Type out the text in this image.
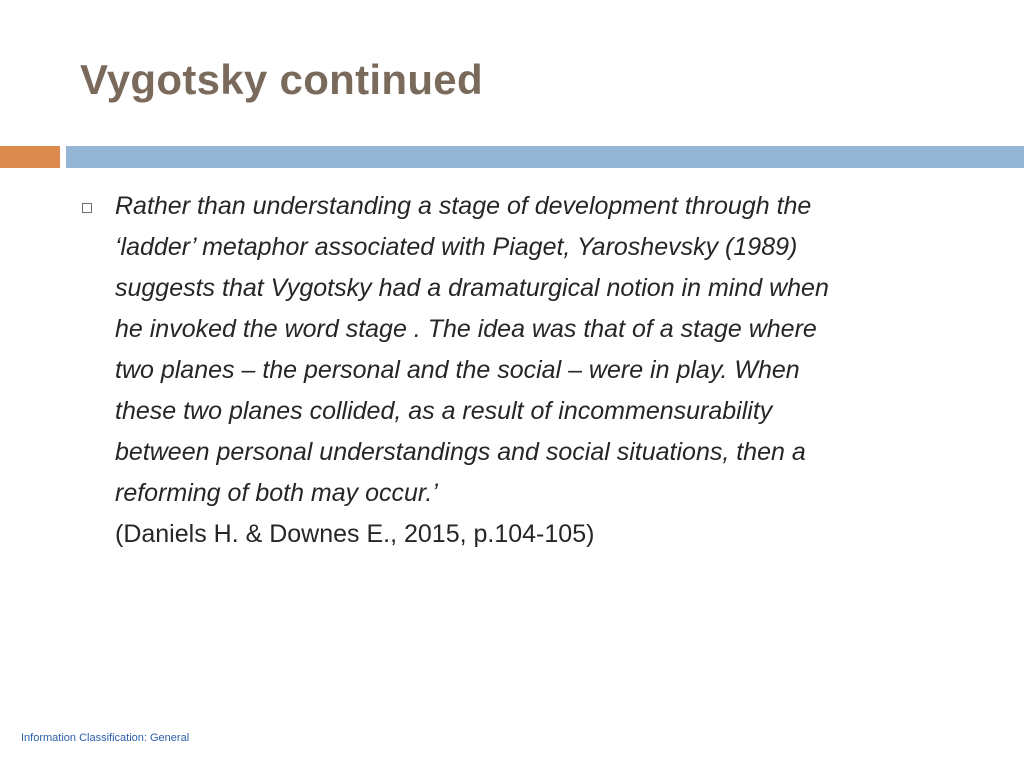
Vygotsky continued
Rather than understanding a stage of development through the
‘ladder’ metaphor associated with Piaget, Yaroshevsky (1989)
suggests that Vygotsky had a dramaturgical notion in mind when
he invoked the word stage . The idea was that of a stage where
two planes – the personal and the social – were in play. When
these two planes collided, as a result of incommensurability
between personal understandings and social situations, then a
reforming of both may occur.’
(Daniels H. & Downes E., 2015, p.104-105)
Information Classification: General
